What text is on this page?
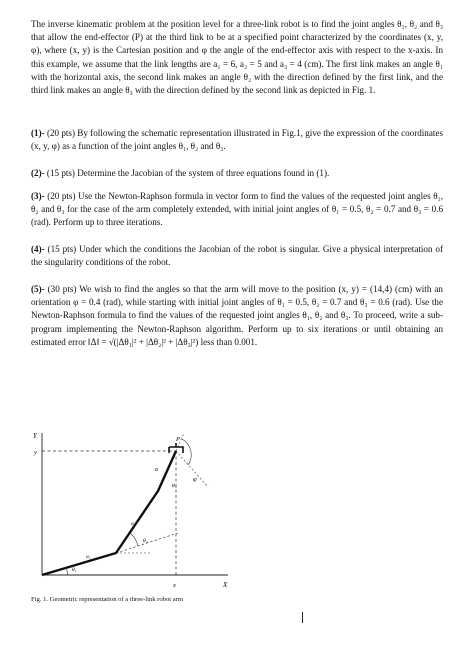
The inverse kinematic problem at the position level for a three-link robot is to find the joint angles θ₁, θ₂ and θ₃ that allow the end-effector (P) at the third link to be at a specified point characterized by the coordinates (x, y, φ), where (x, y) is the Cartesian position and φ the angle of the end-effector axis with respect to the x-axis. In this example, we assume that the link lengths are a₁ = 6, a₂ = 5 and a₃ = 4 (cm). The first link makes an angle θ₁ with the horizontal axis, the second link makes an angle θ₂ with the direction defined by the first link, and the third link makes an angle θ₃ with the direction defined by the second link as depicted in Fig. 1.

(1)- (20 pts) By following the schematic representation illustrated in Fig.1, give the expression of the coordinates (x, y, φ) as a function of the joint angles θ₁, θ₂ and θ₃.

(2)- (15 pts) Determine the Jacobian of the system of three equations found in (1).

(3)- (20 pts) Use the Newton-Raphson formula in vector form to find the values of the requested joint angles θ₁, θ₂ and θ₃ for the case of the arm completely extended, with initial joint angles of θ₁ = 0.5, θ₂ = 0.7 and θ₃ = 0.6 (rad). Perform up to three iterations.

(4)- (15 pts) Under which the conditions the Jacobian of the robot is singular. Give a physical interpretation of the singularity conditions of the robot.

(5)- (30 pts) We wish to find the angles so that the arm will move to the position (x, y) = (14,4) (cm) with an orientation φ = 0.4 (rad), while starting with initial joint angles of θ₁ = 0.5, θ₂ = 0.7 and θ₃ = 0.6 (rad). Use the Newton-Raphson formula to find the values of the requested joint angles θ₁, θ₂ and θ₃. To proceed, write a sub-program implementing the Newton-Raphson algorithm. Perform up to six iterations or until obtaining an estimated error ‖Δ‖ = √(|Δθ₁|² + |Δθ₂|² + |Δθ₃|²) less than 0.001.

Y
y
X
x
P
φ
a
θ₃
a₂
θ₂
a₁
θ₁
Fig. 1. Geometric representation of a three-link robot arm
